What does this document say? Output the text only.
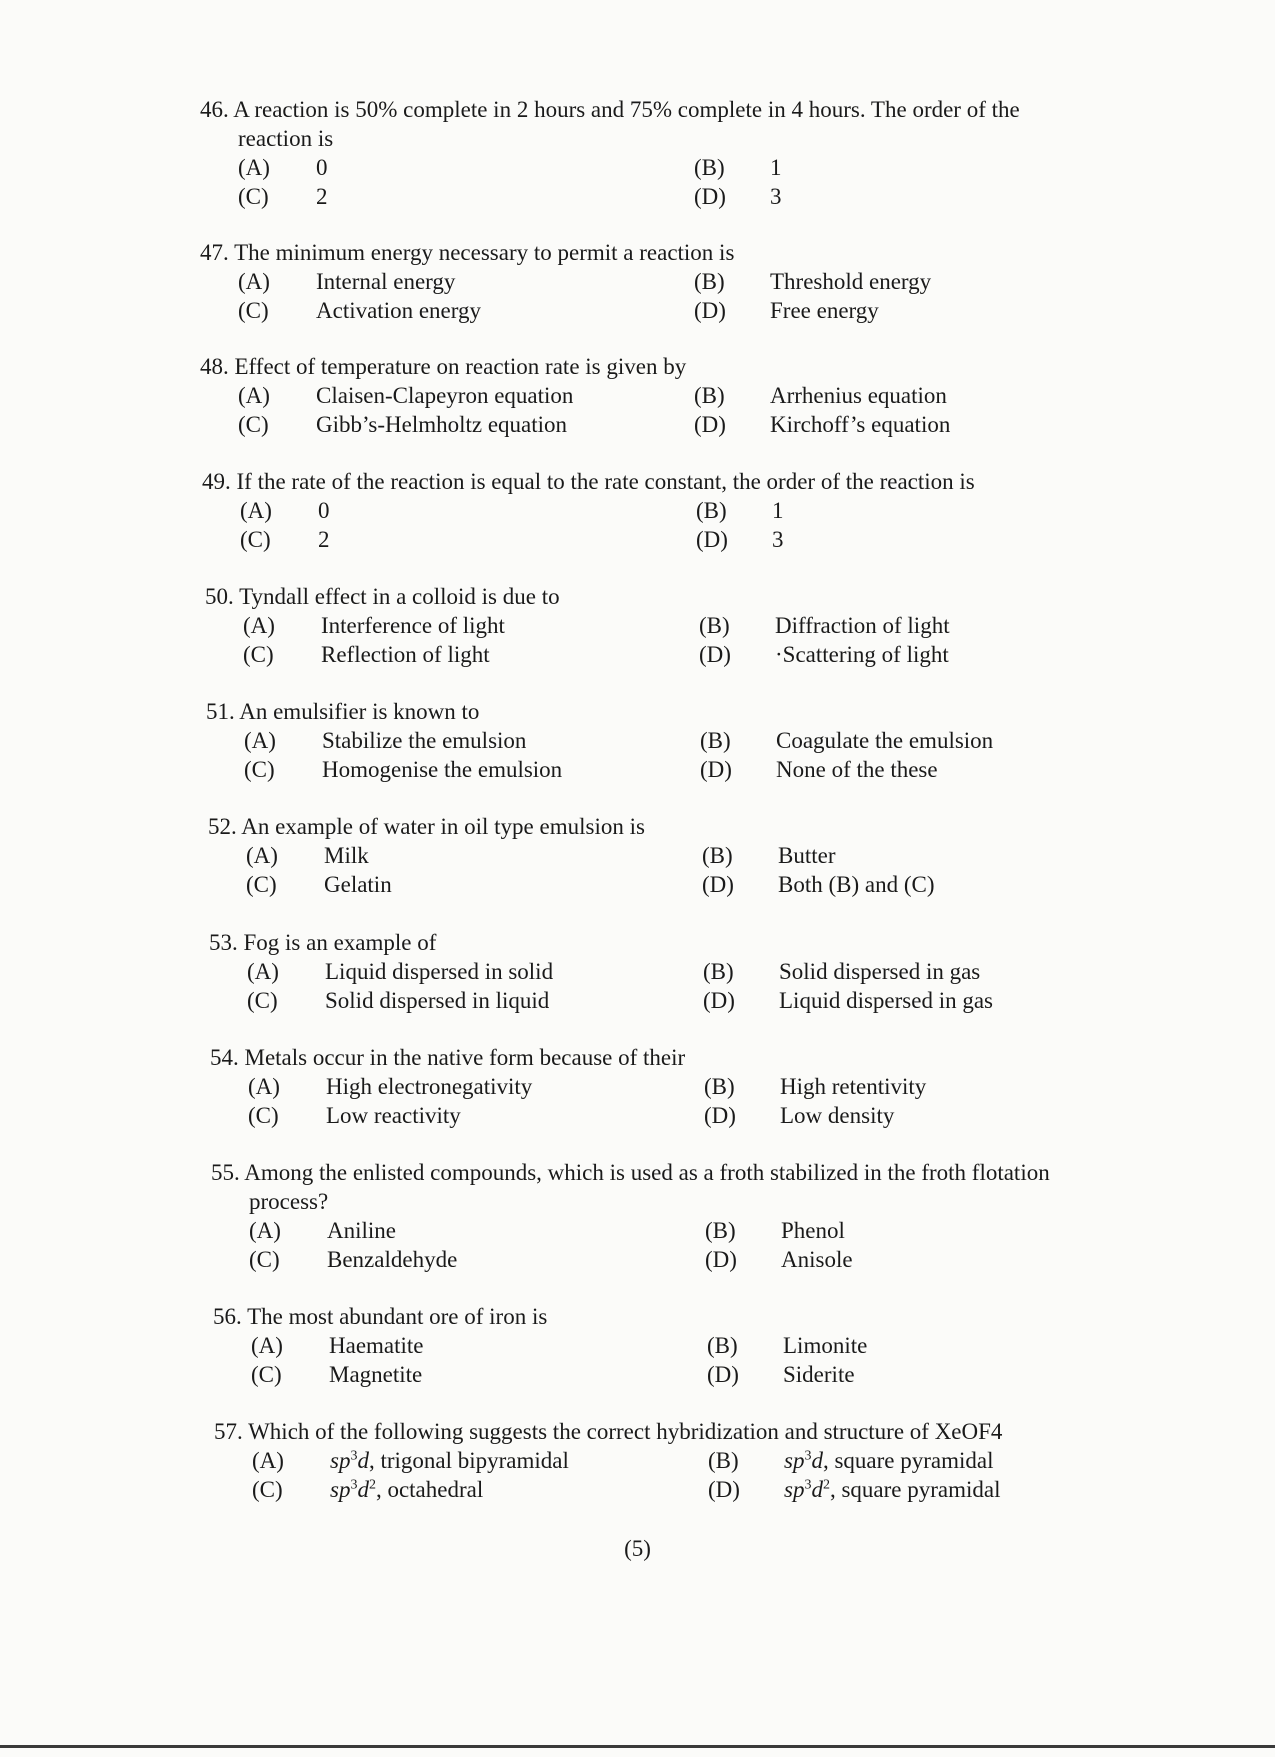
46. A reaction is 50% complete in 2 hours and 75% complete in 4 hours. The order of the
reaction is

(A) 0	(B) 1
(C) 2	(D) 3

47. The minimum energy necessary to permit a reaction is

(A) Internal energy	(B) Threshold energy
(C) Activation energy	(D) Free energy

48. Effect of temperature on reaction rate is given by

(A) Claisen-Clapeyron equation	(B) Arrhenius equation
(C) Gibb’s-Helmholtz equation	(D) Kirchoff’s equation

49. If the rate of the reaction is equal to the rate constant, the order of the reaction is

(A) 0	(B) 1
(C) 2	(D) 3

50. Tyndall effect in a colloid is due to

(A) Interference of light	(B) Diffraction of light
(C) Reflection of light	(D) ·Scattering of light

51. An emulsifier is known to

(A) Stabilize the emulsion	(B) Coagulate the emulsion
(C) Homogenise the emulsion	(D) None of the these

52. An example of water in oil type emulsion is

(A) Milk	(B) Butter
(C) Gelatin	(D) Both (B) and (C)

53. Fog is an example of

(A) Liquid dispersed in solid	(B) Solid dispersed in gas
(C) Solid dispersed in liquid	(D) Liquid dispersed in gas

54. Metals occur in the native form because of their

(A) High electronegativity	(B) High retentivity
(C) Low reactivity	(D) Low density

55. Among the enlisted compounds, which is used as a froth stabilized in the froth flotation
process?

(A) Aniline	(B) Phenol
(C) Benzaldehyde	(D) Anisole

56. The most abundant ore of iron is

(A) Haematite	(B) Limonite
(C) Magnetite	(D) Siderite

57. Which of the following suggests the correct hybridization and structure of XeOF4

(A) $sp^3d$, trigonal bipyramidal	(B) $sp^3d$, square pyramidal
(C) $sp^3d^2$, octahedral	(D) $sp^3d^2$, square pyramidal
(5)
